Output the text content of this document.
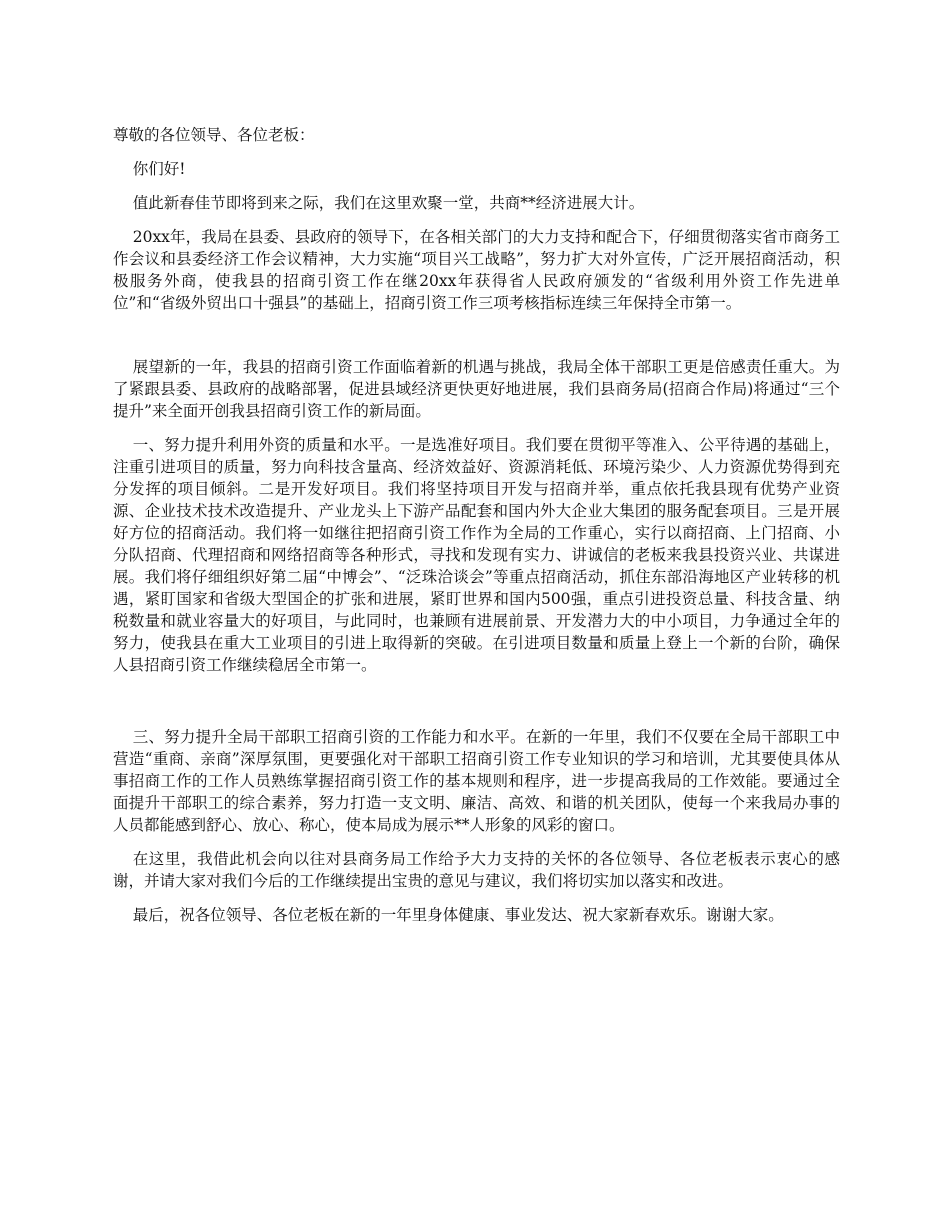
尊敬的各位领导、各位老板：

你们好!

值此新春佳节即将到来之际，我们在这里欢聚一堂，共商**经济进展大计。

20xx年，我局在县委、县政府的领导下，在各相关部门的大力支持和配合下，仔细贯彻落实省市商务工作会议和县委经济工作会议精神，大力实施“项目兴工战略”，努力扩大对外宣传，广泛开展招商活动，积极服务外商，使我县的招商引资工作在继20xx年获得省人民政府颁发的“省级利用外资工作先进单位”和“省级外贸出口十强县”的基础上，招商引资工作三项考核指标连续三年保持全市第一。

展望新的一年，我县的招商引资工作面临着新的机遇与挑战，我局全体干部职工更是倍感责任重大。为了紧跟县委、县政府的战略部署，促进县域经济更快更好地进展，我们县商务局(招商合作局)将通过“三个提升”来全面开创我县招商引资工作的新局面。

一、努力提升利用外资的质量和水平。一是选准好项目。我们要在贯彻平等准入、公平待遇的基础上，注重引进项目的质量，努力向科技含量高、经济效益好、资源消耗低、环境污染少、人力资源优势得到充分发挥的项目倾斜。二是开发好项目。我们将坚持项目开发与招商并举，重点依托我县现有优势产业资源、企业技术技术改造提升、产业龙头上下游产品配套和国内外大企业大集团的服务配套项目。三是开展好方位的招商活动。我们将一如继往把招商引资工作作为全局的工作重心，实行以商招商、上门招商、小分队招商、代理招商和网络招商等各种形式，寻找和发现有实力、讲诚信的老板来我县投资兴业、共谋进展。我们将仔细组织好第二届“中博会”、“泛珠洽谈会”等重点招商活动，抓住东部沿海地区产业转移的机遇，紧盯国家和省级大型国企的扩张和进展，紧盯世界和国内500强，重点引进投资总量、科技含量、纳税数量和就业容量大的好项目，与此同时，也兼顾有进展前景、开发潜力大的中小项目，力争通过全年的努力，使我县在重大工业项目的引进上取得新的突破。在引进项目数量和质量上登上一个新的台阶，确保人县招商引资工作继续稳居全市第一。

三、努力提升全局干部职工招商引资的工作能力和水平。在新的一年里，我们不仅要在全局干部职工中营造“重商、亲商”深厚氛围，更要强化对干部职工招商引资工作专业知识的学习和培训，尤其要使具体从事招商工作的工作人员熟练掌握招商引资工作的基本规则和程序，进一步提高我局的工作效能。要通过全面提升干部职工的综合素养，努力打造一支文明、廉洁、高效、和谐的机关团队，使每一个来我局办事的人员都能感到舒心、放心、称心，使本局成为展示**人形象的风彩的窗口。

在这里，我借此机会向以往对县商务局工作给予大力支持的关怀的各位领导、各位老板表示衷心的感谢，并请大家对我们今后的工作继续提出宝贵的意见与建议，我们将切实加以落实和改进。

最后，祝各位领导、各位老板在新的一年里身体健康、事业发达、祝大家新春欢乐。谢谢大家。
